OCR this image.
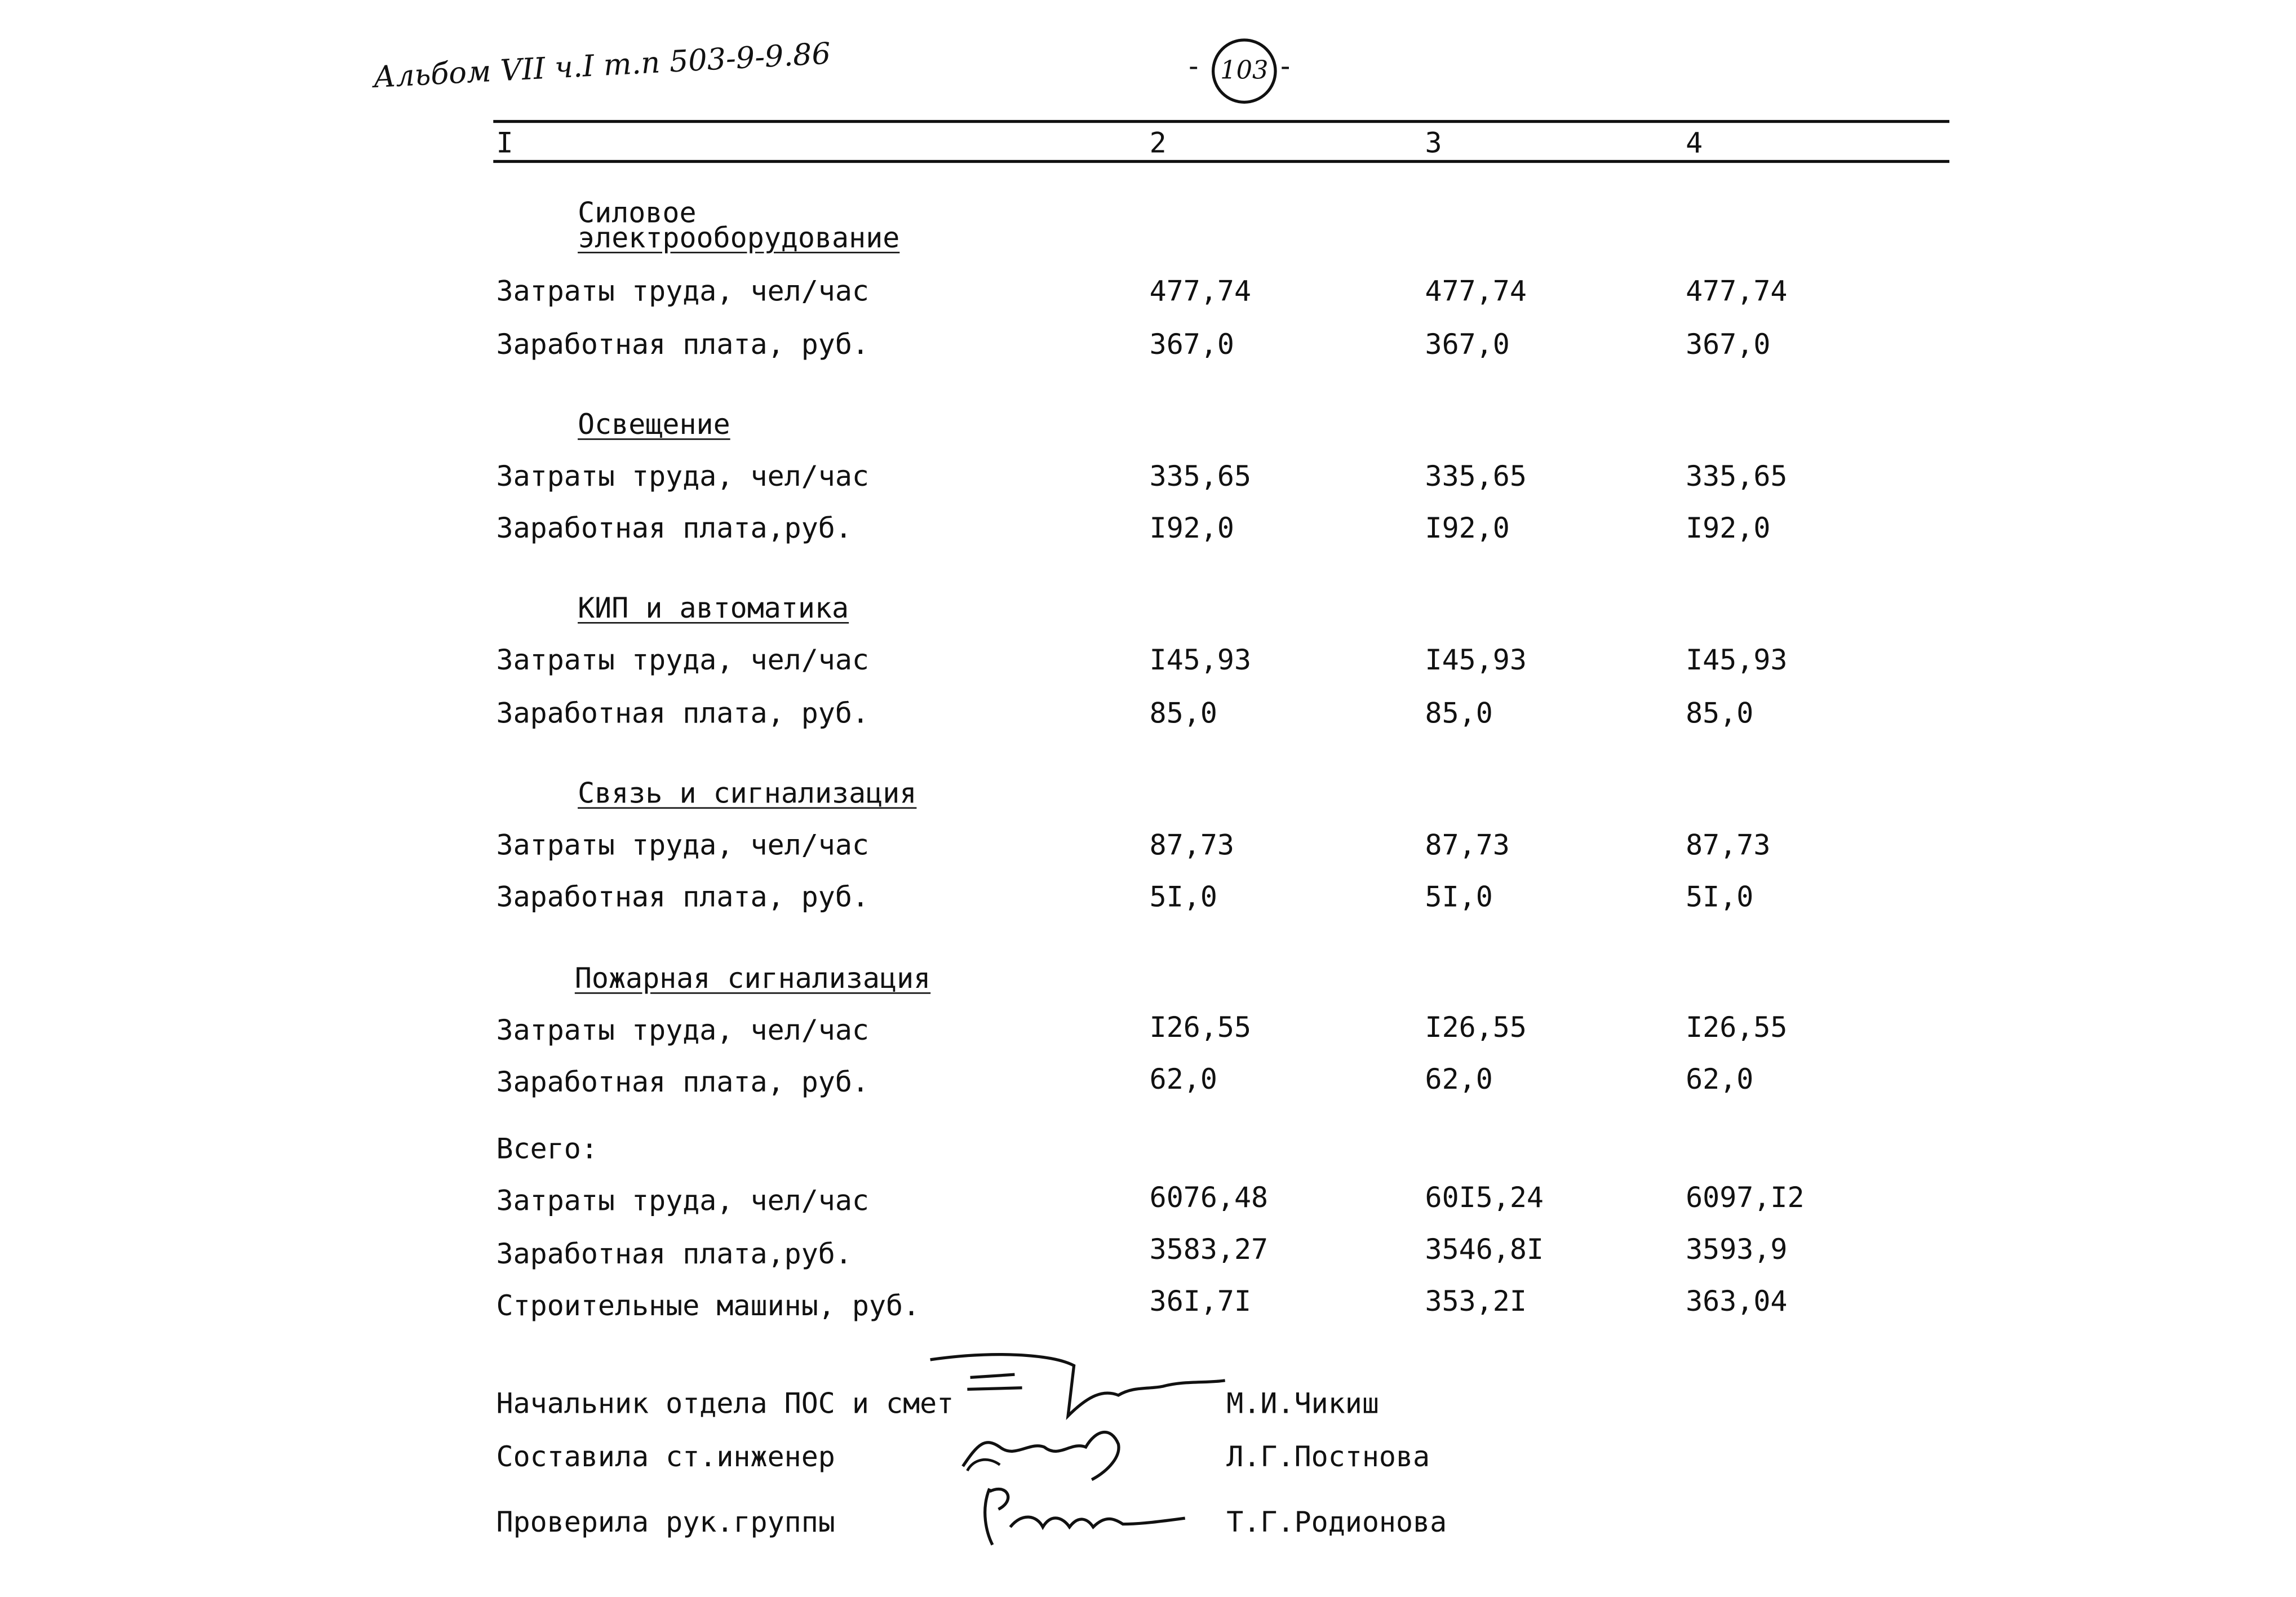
Альбом VII ч.I т.п 503-9-9.86	- 103 -
I	2	3	4
Силовое
электрооборудование
Затраты труда, чел/час	477,74	477,74	477,74
Заработная плата, руб.	367,0	367,0	367,0
Освещение
Затраты труда, чел/час	335,65	335,65	335,65
Заработная плата,руб.	I92,0	I92,0	I92,0
КИП и автоматика
Затраты труда, чел/час	I45,93	I45,93	I45,93
Заработная плата, руб.	85,0	85,0	85,0
Связь и сигнализация
Затраты труда, чел/час	87,73	87,73	87,73
Заработная плата, руб.	5I,0	5I,0	5I,0
Пожарная сигнализация
Затраты труда, чел/час	I26,55	I26,55	I26,55
Заработная плата, руб.	62,0	62,0	62,0
Всего:
Затраты труда, чел/час	6076,48	60I5,24	6097,I2
Заработная плата,руб.	3583,27	3546,8I	3593,9
Строительные машины, руб.	36I,7I	353,2I	363,04
Начальник отдела ПОС и смет	М.И.Чикиш
Составила ст.инженер	Л.Г.Постнова
Проверила рук.группы	Т.Г.Родионова
